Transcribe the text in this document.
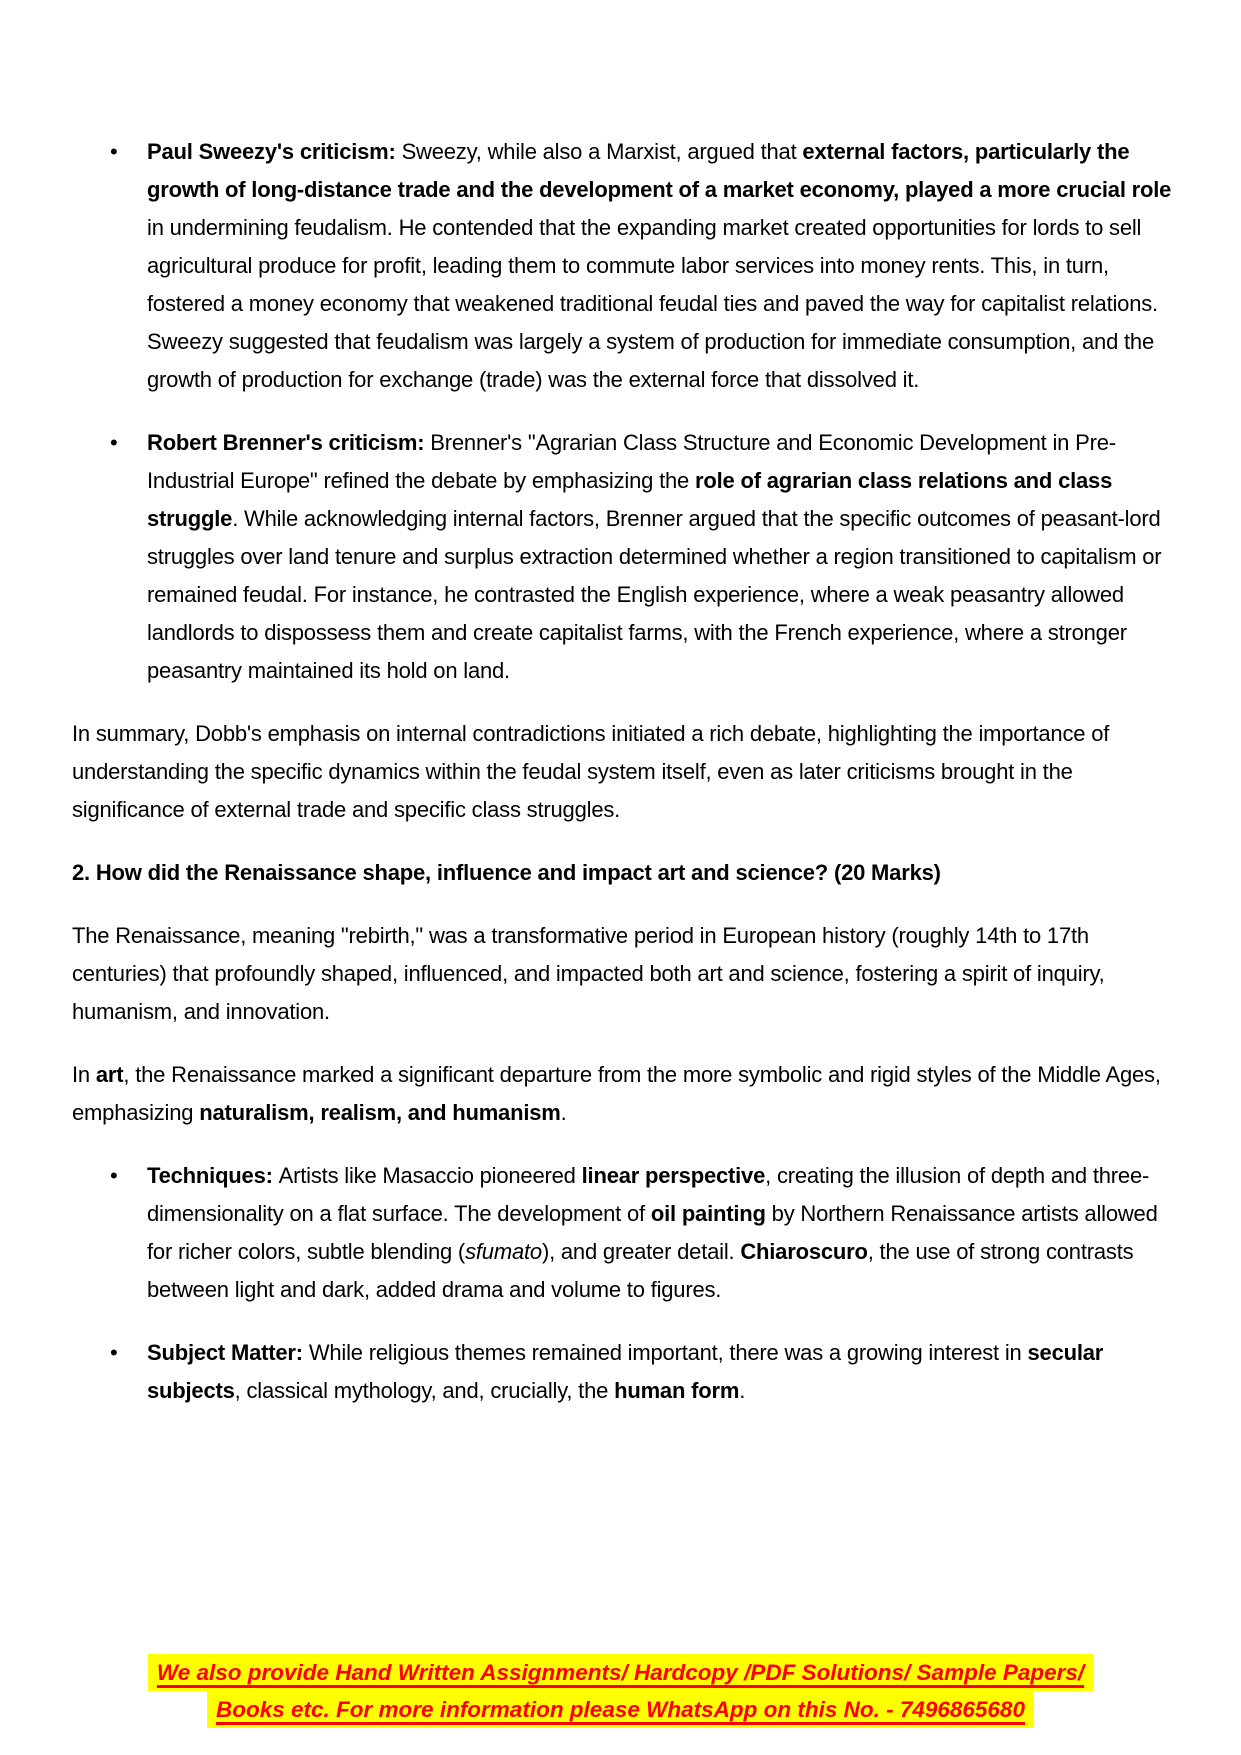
• Paul Sweezy's criticism: Sweezy, while also a Marxist, argued that external factors, particularly the growth of long-distance trade and the development of a market economy, played a more crucial role in undermining feudalism. He contended that the expanding market created opportunities for lords to sell agricultural produce for profit, leading them to commute labor services into money rents. This, in turn, fostered a money economy that weakened traditional feudal ties and paved the way for capitalist relations. Sweezy suggested that feudalism was largely a system of production for immediate consumption, and the growth of production for exchange (trade) was the external force that dissolved it.
• Robert Brenner's criticism: Brenner's "Agrarian Class Structure and Economic Development in Pre-Industrial Europe" refined the debate by emphasizing the role of agrarian class relations and class struggle. While acknowledging internal factors, Brenner argued that the specific outcomes of peasant-lord struggles over land tenure and surplus extraction determined whether a region transitioned to capitalism or remained feudal. For instance, he contrasted the English experience, where a weak peasantry allowed landlords to dispossess them and create capitalist farms, with the French experience, where a stronger peasantry maintained its hold on land.
In summary, Dobb's emphasis on internal contradictions initiated a rich debate, highlighting the importance of understanding the specific dynamics within the feudal system itself, even as later criticisms brought in the significance of external trade and specific class struggles.
2. How did the Renaissance shape, influence and impact art and science? (20 Marks)
The Renaissance, meaning "rebirth," was a transformative period in European history (roughly 14th to 17th centuries) that profoundly shaped, influenced, and impacted both art and science, fostering a spirit of inquiry, humanism, and innovation.
In art, the Renaissance marked a significant departure from the more symbolic and rigid styles of the Middle Ages, emphasizing naturalism, realism, and humanism.
• Techniques: Artists like Masaccio pioneered linear perspective, creating the illusion of depth and three-dimensionality on a flat surface. The development of oil painting by Northern Renaissance artists allowed for richer colors, subtle blending (sfumato), and greater detail. Chiaroscuro, the use of strong contrasts between light and dark, added drama and volume to figures.
• Subject Matter: While religious themes remained important, there was a growing interest in secular subjects, classical mythology, and, crucially, the human form.
We also provide Hand Written Assignments/ Hardcopy /PDF Solutions/ Sample Papers/
Books etc. For more information please WhatsApp on this No. - 7496865680
